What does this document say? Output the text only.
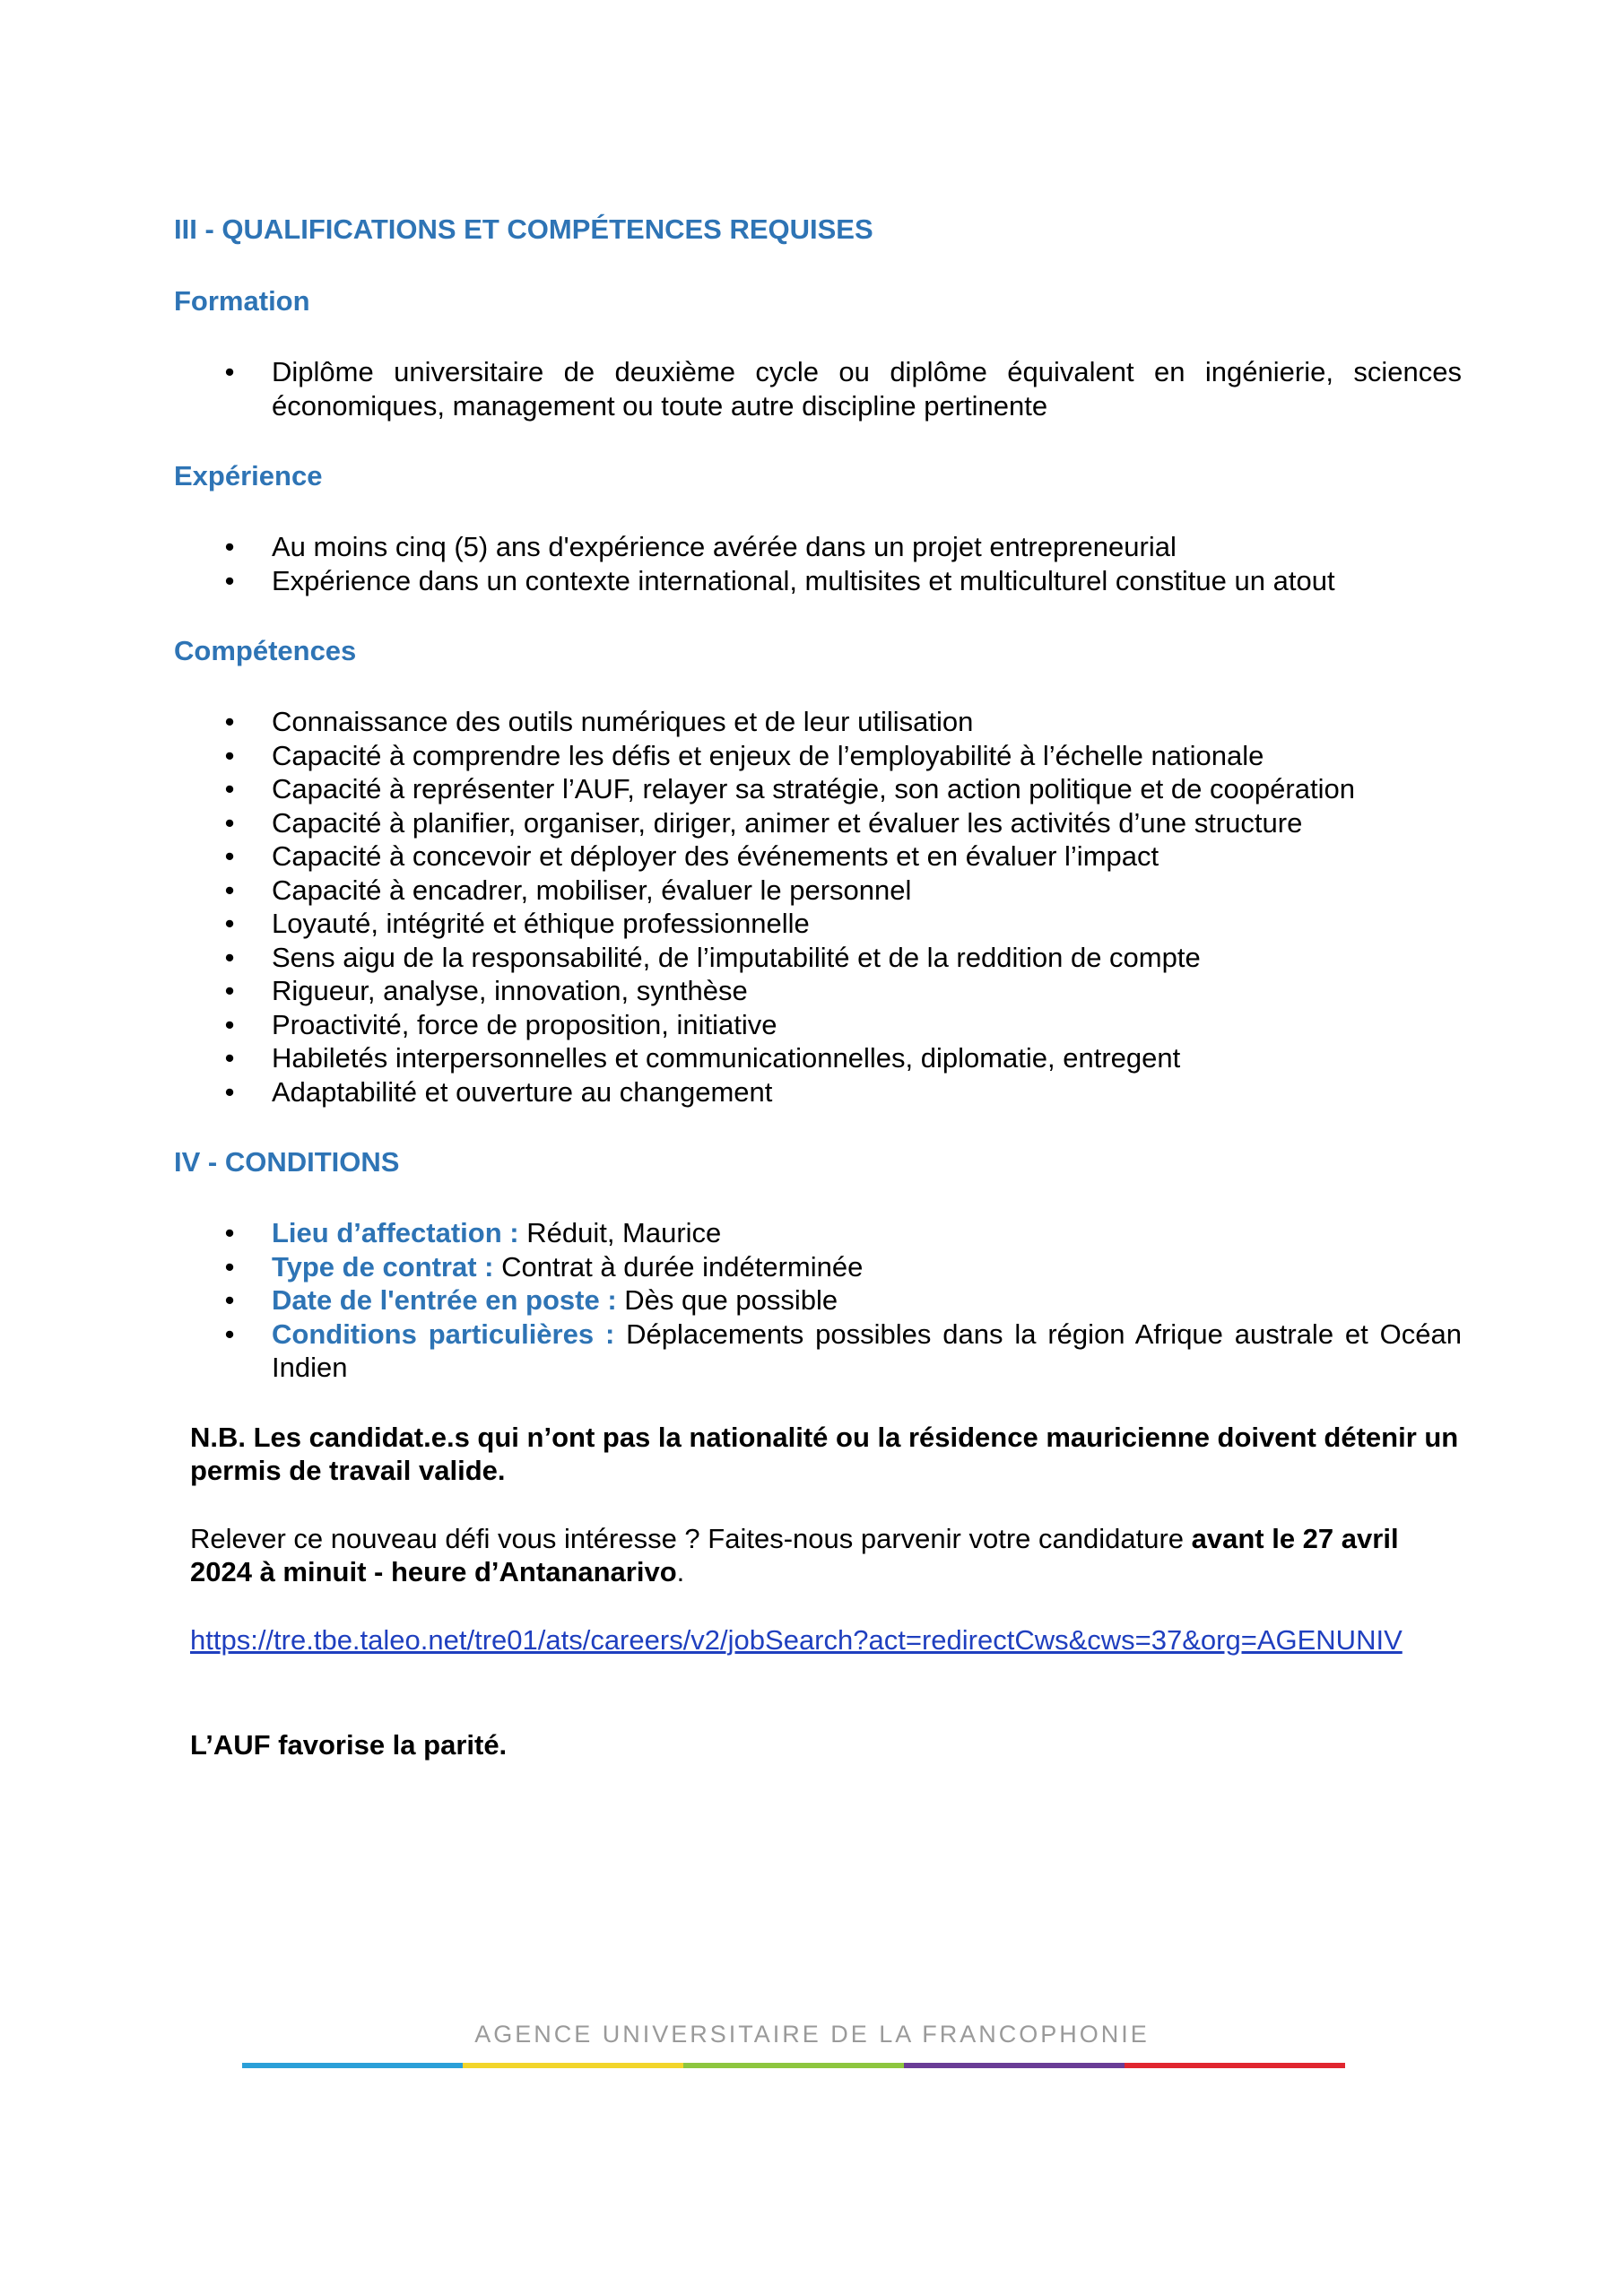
III - QUALIFICATIONS ET COMPÉTENCES REQUISES
Formation
• Diplôme universitaire de deuxième cycle ou diplôme équivalent en ingénierie, sciences économiques, management ou toute autre discipline pertinente
Expérience
• Au moins cinq (5) ans d'expérience avérée dans un projet entrepreneurial
• Expérience dans un contexte international, multisites et multiculturel constitue un atout
Compétences
• Connaissance des outils numériques et de leur utilisation
• Capacité à comprendre les défis et enjeux de l’employabilité à l’échelle nationale
• Capacité à représenter l’AUF, relayer sa stratégie, son action politique et de coopération
• Capacité à planifier, organiser, diriger, animer et évaluer les activités d’une structure
• Capacité à concevoir et déployer des événements et en évaluer l’impact
• Capacité à encadrer, mobiliser, évaluer le personnel
• Loyauté, intégrité et éthique professionnelle
• Sens aigu de la responsabilité, de l’imputabilité et de la reddition de compte
• Rigueur, analyse, innovation, synthèse
• Proactivité, force de proposition, initiative
• Habiletés interpersonnelles et communicationnelles, diplomatie, entregent
• Adaptabilité et ouverture au changement
IV - CONDITIONS
• Lieu d’affectation : Réduit, Maurice
• Type de contrat : Contrat à durée indéterminée
• Date de l'entrée en poste : Dès que possible
• Conditions particulières : Déplacements possibles dans la région Afrique australe et Océan Indien

N.B. Les candidat.e.s qui n’ont pas la nationalité ou la résidence mauricienne doivent détenir un permis de travail valide.

Relever ce nouveau défi vous intéresse ? Faites-nous parvenir votre candidature avant le 27 avril 2024 à minuit - heure d’Antananarivo.

https://tre.tbe.taleo.net/tre01/ats/careers/v2/jobSearch?act=redirectCws&cws=37&org=AGENUNIV

L’AUF favorise la parité.

AGENCE UNIVERSITAIRE DE LA FRANCOPHONIE
